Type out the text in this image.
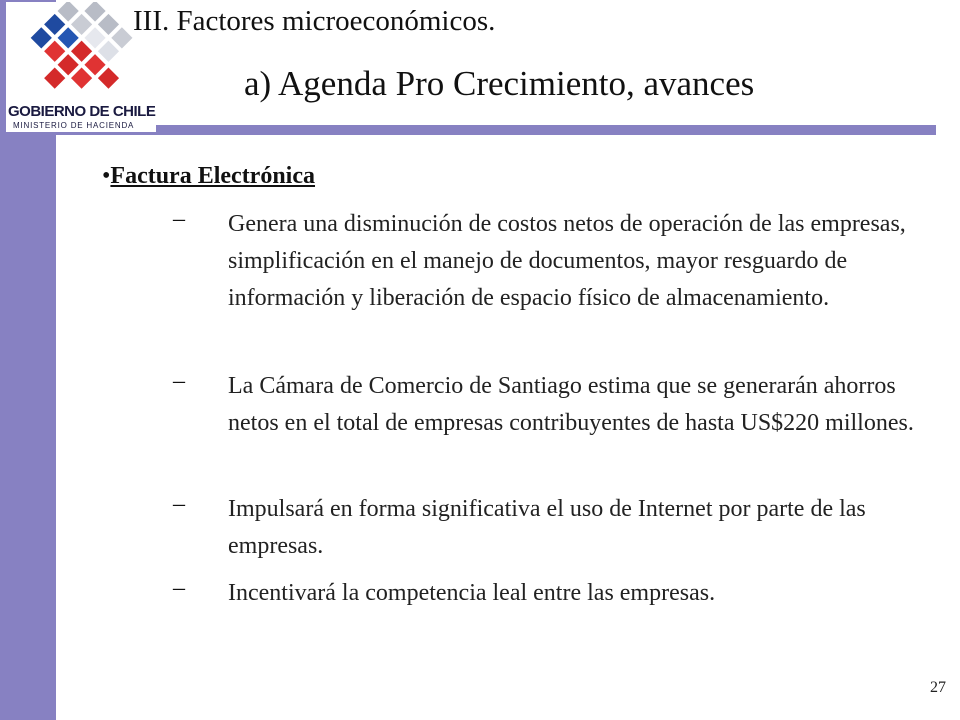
GOBIERNO DE CHILE
MINISTERIO DE HACIENDA
III. Factores microeconómicos.
a) Agenda Pro Crecimiento, avances
•Factura Electrónica
– Genera una disminución de costos netos de operación de las empresas, simplificación en el manejo de documentos, mayor resguardo de información y liberación de espacio físico de almacenamiento.
– La Cámara de Comercio de Santiago estima que se generarán ahorros netos en el total de empresas contribuyentes de hasta US$220 millones.
– Impulsará en forma significativa el uso de Internet por parte de las empresas.
– Incentivará la competencia leal entre las empresas.
27
